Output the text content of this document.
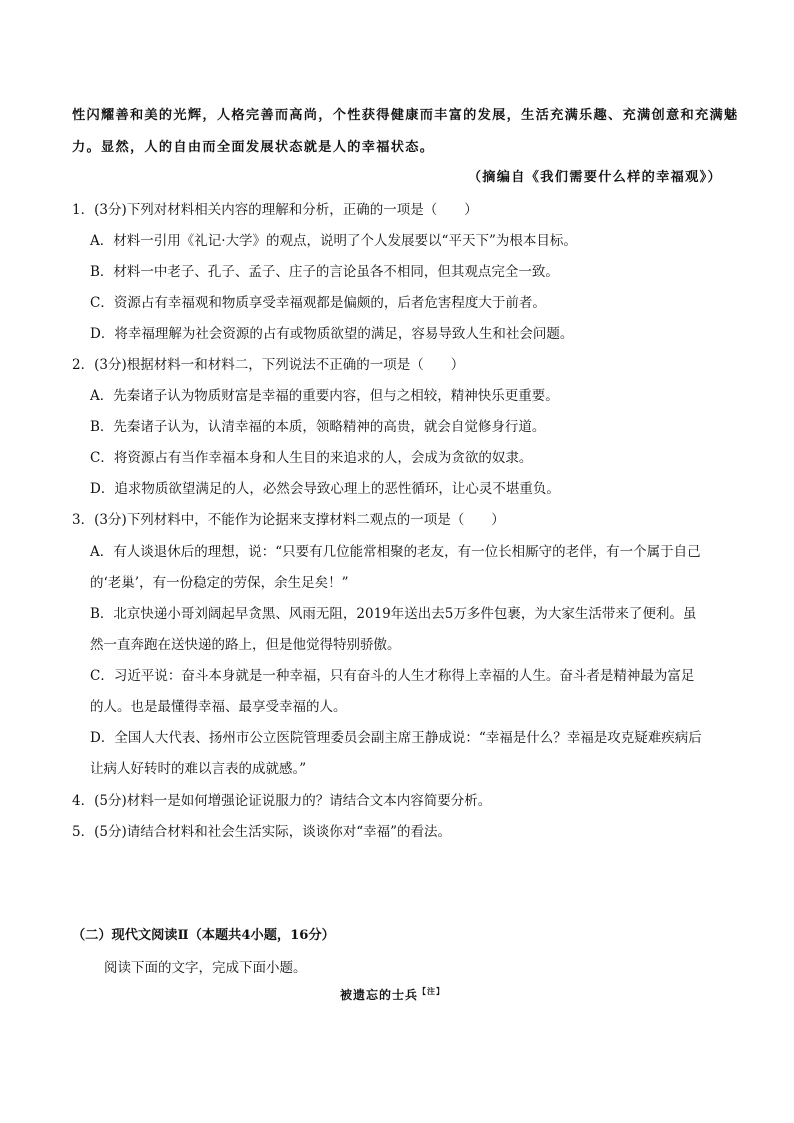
性闪耀善和美的光辉，人格完善而高尚，个性获得健康而丰富的发展，生活充满乐趣、充满创意和充满魅
力。显然，人的自由而全面发展状态就是人的幸福状态。
（摘编自《我们需要什么样的幸福观》）
1．(3分)下列对材料相关内容的理解和分析，正确的一项是（　　）
A．材料一引用《礼记·大学》的观点，说明了个人发展要以“平天下”为根本目标。
B．材料一中老子、孔子、孟子、庄子的言论虽各不相同，但其观点完全一致。
C．资源占有幸福观和物质享受幸福观都是偏颇的，后者危害程度大于前者。
D．将幸福理解为社会资源的占有或物质欲望的满足，容易导致人生和社会问题。
2．(3分)根据材料一和材料二，下列说法不正确的一项是（　　）
A．先秦诸子认为物质财富是幸福的重要内容，但与之相较，精神快乐更重要。
B．先秦诸子认为，认清幸福的本质，领略精神的高贵，就会自觉修身行道。
C．将资源占有当作幸福本身和人生目的来追求的人，会成为贪欲的奴隶。
D．追求物质欲望满足的人，必然会导致心理上的恶性循环，让心灵不堪重负。
3．(3分)下列材料中，不能作为论据来支撑材料二观点的一项是（　　）
A．有人谈退休后的理想，说：“只要有几位能常相聚的老友，有一位长相厮守的老伴，有一个属于自己
的‘老巢’，有一份稳定的劳保，余生足矣！”
B．北京快递小哥刘阔起早贪黑、风雨无阻，2019年送出去5万多件包裹，为大家生活带来了便利。虽
然一直奔跑在送快递的路上，但是他觉得特别骄傲。
C．习近平说：奋斗本身就是一种幸福，只有奋斗的人生才称得上幸福的人生。奋斗者是精神最为富足
的人。也是最懂得幸福、最享受幸福的人。
D．全国人大代表、扬州市公立医院管理委员会副主席王静成说：“幸福是什么？幸福是攻克疑难疾病后
让病人好转时的难以言表的成就感。”
4．(5分)材料一是如何增强论证说服力的？请结合文本内容简要分析。
5．(5分)请结合材料和社会生活实际，谈谈你对“幸福”的看法。
（二）现代文阅读Ⅱ（本题共4小题，16分）
阅读下面的文字，完成下面小题。
被遗忘的士兵$^{【注】}$
